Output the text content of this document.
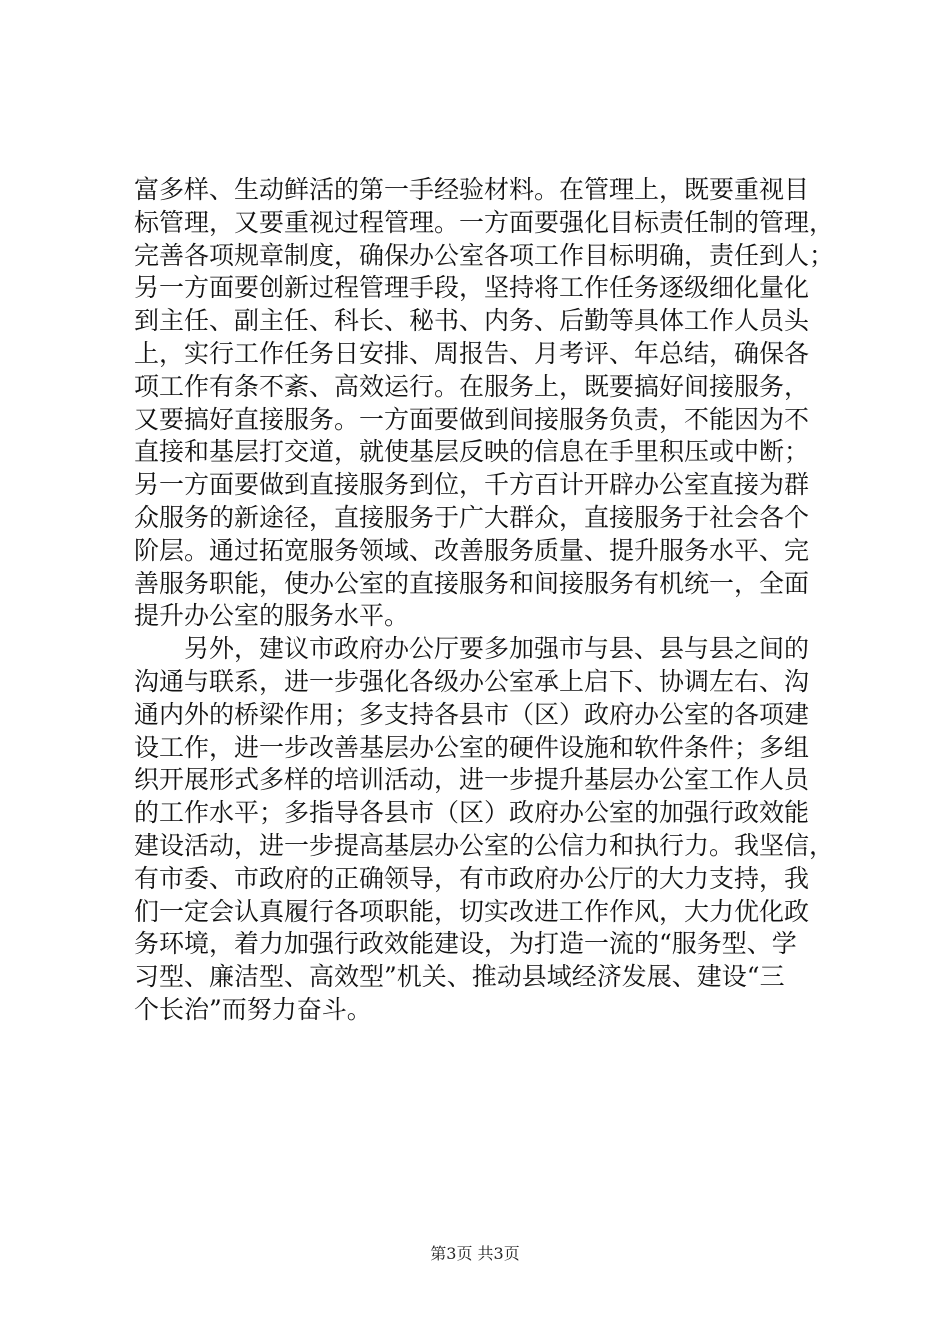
富多样、生动鲜活的第一手经验材料。在管理上，既要重视目
标管理，又要重视过程管理。一方面要强化目标责任制的管理，
完善各项规章制度，确保办公室各项工作目标明确，责任到人；
另一方面要创新过程管理手段，坚持将工作任务逐级细化量化
到主任、副主任、科长、秘书、内务、后勤等具体工作人员头
上，实行工作任务日安排、周报告、月考评、年总结，确保各
项工作有条不紊、高效运行。在服务上，既要搞好间接服务，
又要搞好直接服务。一方面要做到间接服务负责，不能因为不
直接和基层打交道，就使基层反映的信息在手里积压或中断；
另一方面要做到直接服务到位，千方百计开辟办公室直接为群
众服务的新途径，直接服务于广大群众，直接服务于社会各个
阶层。通过拓宽服务领域、改善服务质量、提升服务水平、完
善服务职能，使办公室的直接服务和间接服务有机统一，全面
提升办公室的服务水平。
　　另外，建议市政府办公厅要多加强市与县、县与县之间的
沟通与联系，进一步强化各级办公室承上启下、协调左右、沟
通内外的桥梁作用；多支持各县市（区）政府办公室的各项建
设工作，进一步改善基层办公室的硬件设施和软件条件；多组
织开展形式多样的培训活动，进一步提升基层办公室工作人员
的工作水平；多指导各县市（区）政府办公室的加强行政效能
建设活动，进一步提高基层办公室的公信力和执行力。我坚信，
有市委、市政府的正确领导，有市政府办公厅的大力支持，我
们一定会认真履行各项职能，切实改进工作作风，大力优化政
务环境，着力加强行政效能建设，为打造一流的“服务型、学
习型、廉洁型、高效型”机关、推动县域经济发展、建设“三
个长治”而努力奋斗。
第3页 共3页
